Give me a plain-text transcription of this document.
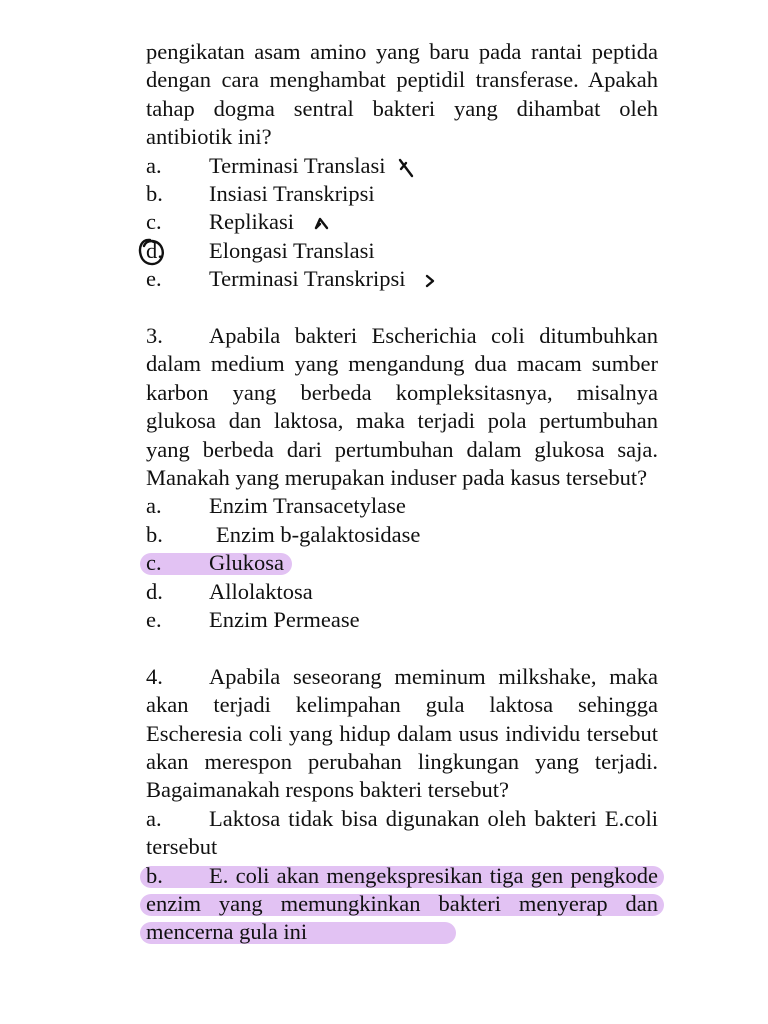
pengikatan asam amino yang baru pada rantai peptida dengan cara menghambat peptidil transferase. Apakah tahap dogma sentral bakteri yang dihambat oleh antibiotik ini?

a. Terminasi Translasi
b. Insiasi Transkripsi
c. Replikasi
d. Elongasi Translasi
e. Terminasi Transkripsi

3. Apabila bakteri Escherichia coli ditumbuhkan dalam medium yang mengandung dua macam sumber karbon yang berbeda kompleksitasnya, misalnya glukosa dan laktosa, maka terjadi pola pertumbuhan yang berbeda dari pertumbuhan dalam glukosa saja. Manakah yang merupakan induser pada kasus tersebut?

a. Enzim Transacetylase
b. Enzim b-galaktosidase
c. Glukosa
d. Allolaktosa
e. Enzim Permease

4. Apabila seseorang meminum milkshake, maka akan terjadi kelimpahan gula laktosa sehingga Escheresia coli yang hidup dalam usus individu tersebut akan merespon perubahan lingkungan yang terjadi. Bagaimanakah respons bakteri tersebut?

a. Laktosa tidak bisa digunakan oleh bakteri E.coli tersebut

b. E. coli akan mengekspresikan tiga gen pengkode enzim yang memungkinkan bakteri menyerap dan mencerna gula ini
